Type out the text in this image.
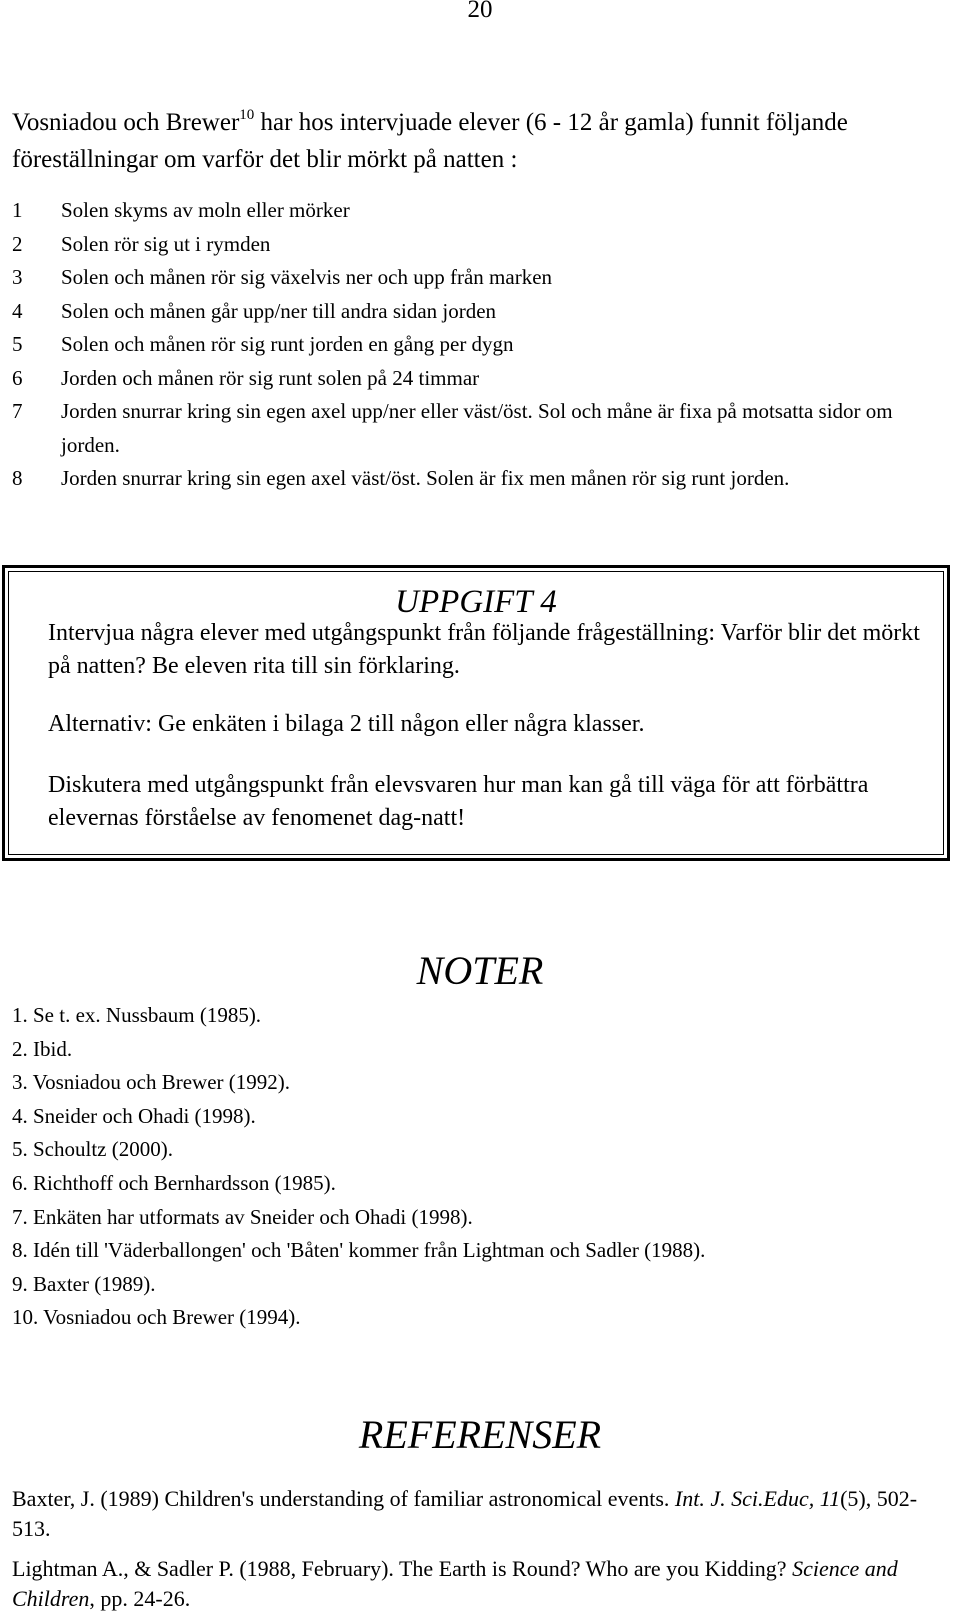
20
Vosniadou och Brewer$^{10}$ har hos intervjuade elever (6 - 12 år gamla) funnit följande föreställningar om varför det blir mörkt på natten :
1	Solen skyms av moln eller mörker
2	Solen rör sig ut i rymden
3	Solen och månen rör sig växelvis ner och upp från marken
4	Solen och månen går upp/ner till andra sidan jorden
5	Solen och månen rör sig runt jorden en gång per dygn
6	Jorden och månen rör sig runt solen på 24 timmar
7	Jorden snurrar kring sin egen axel upp/ner eller väst/öst. Sol och måne är fixa på motsatta sidor om jorden.
8	Jorden snurrar kring sin egen axel väst/öst. Solen är fix men månen rör sig runt jorden.
UPPGIFT 4
Intervjua några elever med utgångspunkt från följande frågeställning: Varför blir det mörkt på natten? Be eleven rita till sin förklaring.
Alternativ: Ge enkäten i bilaga 2 till någon eller några klasser.
Diskutera med utgångspunkt från elevsvaren hur man kan gå till väga för att förbättra elevernas förståelse av fenomenet dag-natt!
NOTER
1. Se t. ex. Nussbaum (1985).
2. Ibid.
3. Vosniadou och Brewer (1992).
4. Sneider och Ohadi (1998).
5. Schoultz (2000).
6. Richthoff och Bernhardsson (1985).
7. Enkäten har utformats av Sneider och Ohadi (1998).
8. Idén till 'Väderballongen' och 'Båten' kommer från Lightman och Sadler (1988).
9. Baxter (1989).
10. Vosniadou och Brewer (1994).
REFERENSER
Baxter, J. (1989) Children's understanding of familiar astronomical events. Int. J. Sci.Educ, 11(5), 502-513.
Lightman A., & Sadler P. (1988, February). The Earth is Round? Who are you Kidding? Science and Children, pp. 24-26.
